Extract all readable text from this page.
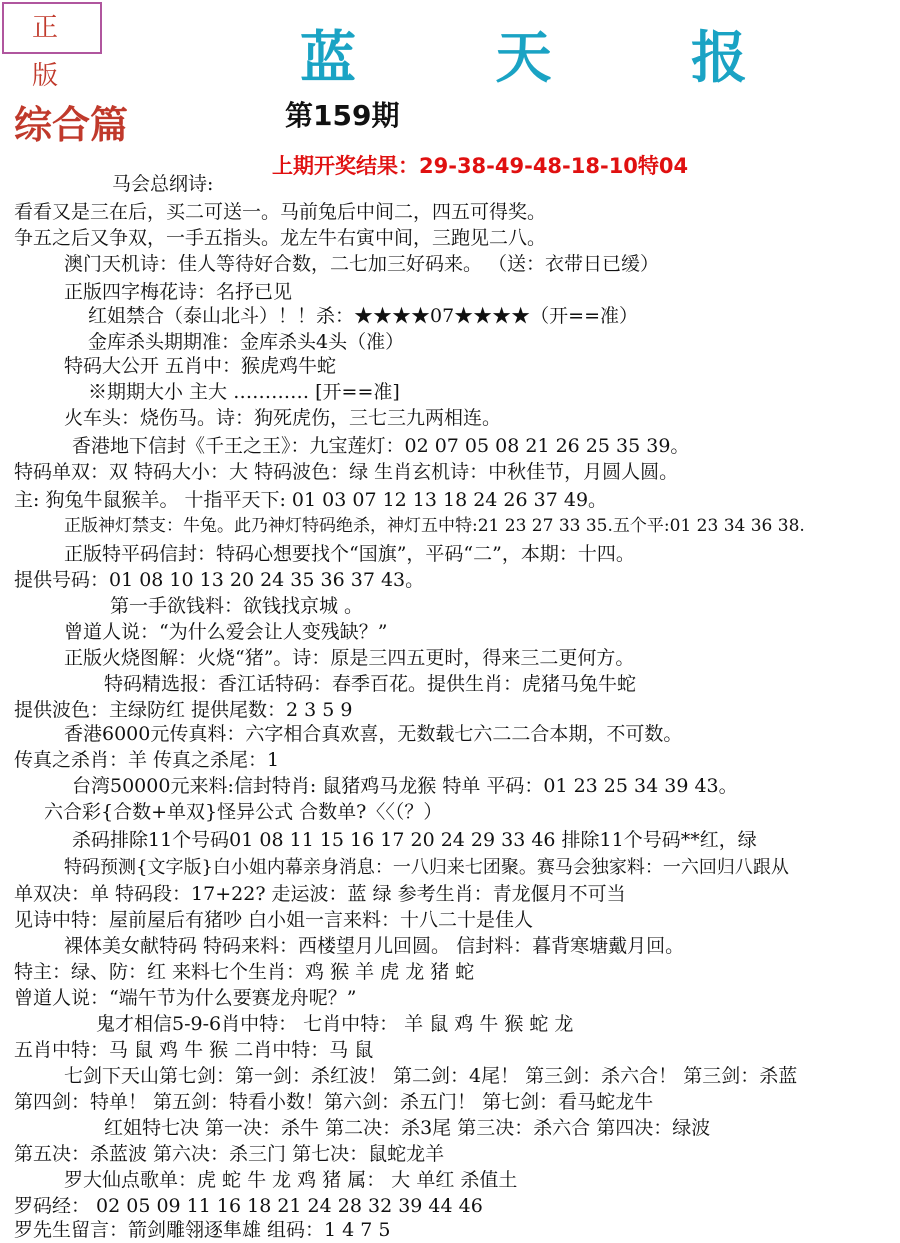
正 版	蓝 天 报
综合篇	第159期
上期开奖结果：29-38-49-48-18-10特04
马会总纲诗:
看看又是三在后，买二可送一。马前兔后中间二，四五可得奖。
争五之后又争双，一手五指头。龙左牛右寅中间，三跑见二八。
澳门天机诗：佳人等待好合数，二七加三好码来。 （送：衣带日已缓）
正版四字梅花诗：名抒已见
红姐禁合（泰山北斗）！！杀：★★★★07★★★★（开==准）
金库杀头期期准：金库杀头4头（准）
特码大公开 五肖中：猴虎鸡牛蛇
※期期大小 主大 ………… [开==准]
火车头：烧伤马。诗：狗死虎伤，三七三九两相连。
香港地下信封《千王之王》：九宝莲灯：02 07 05 08 21 26 25 35 39。
特码单双：双 特码大小：大 特码波色：绿 生肖玄机诗：中秋佳节，月圆人圆。
主: 狗兔牛鼠猴羊。 十指平天下: 01 03 07 12 13 18 24 26 37 49。
正版神灯禁支：牛兔。此乃神灯特码绝杀，神灯五中特:21 23 27 33 35.五个平:01 23 34 36 38.
正版特平码信封：特码心想要找个“国旗”，平码“二”，本期：十四。
提供号码：01 08 10 13 20 24 35 36 37 43。
第一手欲钱料：欲钱找京城 。
曾道人说：“为什么爱会让人变残缺？”
正版火烧图解：火烧“猪”。诗：原是三四五更时，得来三二更何方。
特码精选报：香江话特码：春季百花。提供生肖：虎猪马兔牛蛇
提供波色：主绿防红 提供尾数：2 3 5 9
香港6000元传真料：六字相合真欢喜，无数载七六二二合本期，不可数。
传真之杀肖：羊 传真之杀尾：1
台湾50000元来料:信封特肖: 鼠猪鸡马龙猴 特单 平码：01 23 25 34 39 43。
六合彩{合数+单双}怪异公式 合数单?〈〈（？）
杀码排除11个号码01 08 11 15 16 17 20 24 29 33 46 排除11个号码**红，绿
特码预测{文字版}白小姐内幕亲身消息：一八归来七团聚。赛马会独家料：一六回归八跟从
单双决：单 特码段：17+22? 走运波：蓝 绿 参考生肖：青龙偃月不可当
见诗中特：屋前屋后有猪吵 白小姐一言来料：十八二十是佳人
裸体美女献特码 特码来料：西楼望月儿回圆。 信封料：暮背寒塘戴月回。
特主：绿、防：红 来料七个生肖：鸡 猴 羊 虎 龙 猪 蛇
曾道人说：“端午节为什么要赛龙舟呢？”
鬼才相信5-9-6肖中特： 七肖中特： 羊 鼠 鸡 牛 猴 蛇 龙
五肖中特：马 鼠 鸡 牛 猴 二肖中特：马 鼠
七剑下天山第七剑：第一剑：杀红波！ 第二剑：4尾！ 第三剑：杀六合！ 第三剑：杀蓝
第四剑：特单！ 第五剑：特看小数！第六剑：杀五门！ 第七剑：看马蛇龙牛
红姐特七决 第一决：杀牛 第二决：杀3尾 第三决：杀六合 第四决：绿波
第五决：杀蓝波 第六决：杀三门 第七决：鼠蛇龙羊
罗大仙点歌单：虎 蛇 牛 龙 鸡 猪 属： 大 单红 杀值土
罗码经： 02 05 09 11 16 18 21 24 28 32 39 44 46
罗先生留言：箭剑雕翎逐隼雄 组码：1 4 7 5
